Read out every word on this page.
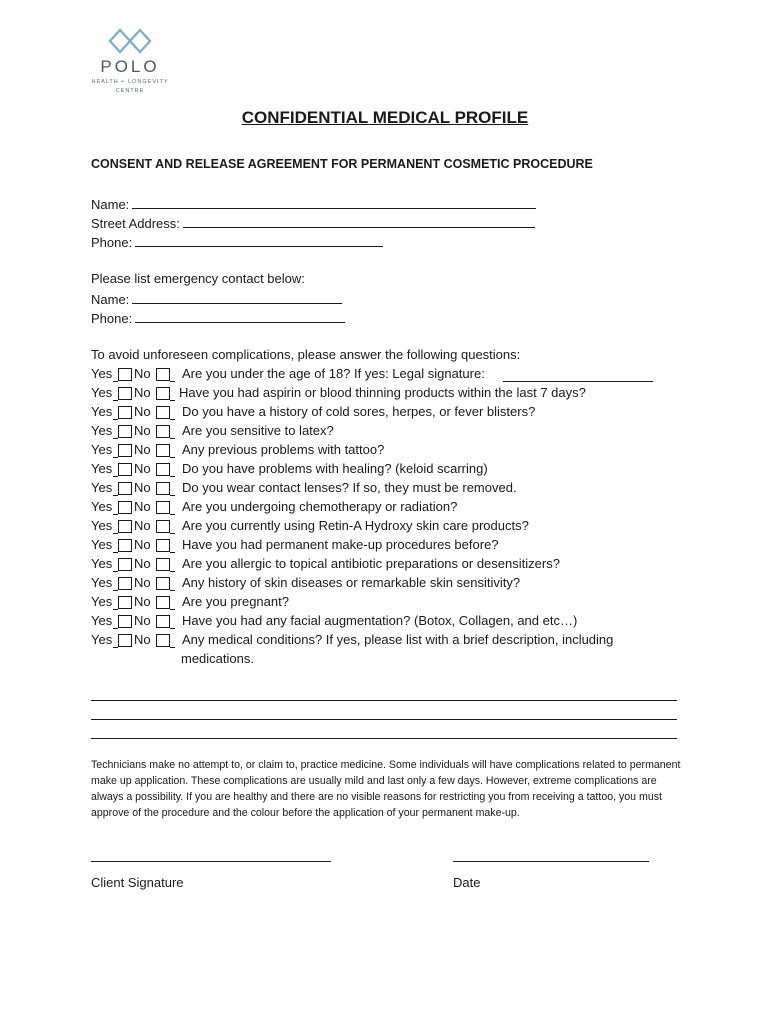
POLO
HEALTH + LONGEVITY
CENTRE
CONFIDENTIAL MEDICAL PROFILE
CONSENT AND RELEASE AGREEMENT FOR PERMANENT COSMETIC PROCEDURE
Name:
Street Address:
Phone:
Please list emergency contact below:
Name:
Phone:
To avoid unforeseen complications, please answer the following questions:
Yes No Are you under the age of 18? If yes: Legal signature:
Yes No Have you had aspirin or blood thinning products within the last 7 days?
Yes No Do you have a history of cold sores, herpes, or fever blisters?
Yes No Are you sensitive to latex?
Yes No Any previous problems with tattoo?
Yes No Do you have problems with healing? (keloid scarring)
Yes No Do you wear contact lenses? If so, they must be removed.
Yes No Are you undergoing chemotherapy or radiation?
Yes No Are you currently using Retin-A Hydroxy skin care products?
Yes No Have you had permanent make-up procedures before?
Yes No Are you allergic to topical antibiotic preparations or desensitizers?
Yes No Any history of skin diseases or remarkable skin sensitivity?
Yes No Are you pregnant?
Yes No Have you had any facial augmentation? (Botox, Collagen, and etc…)
Yes No Any medical conditions? If yes, please list with a brief description, including
medications.
Technicians make no attempt to, or claim to, practice medicine. Some individuals will have complications related to permanent make up application. These complications are usually mild and last only a few days. However, extreme complications are always a possibility. If you are healthy and there are no visible reasons for restricting you from receiving a tattoo, you must approve of the procedure and the colour before the application of your permanent make-up.
Client Signature	Date
